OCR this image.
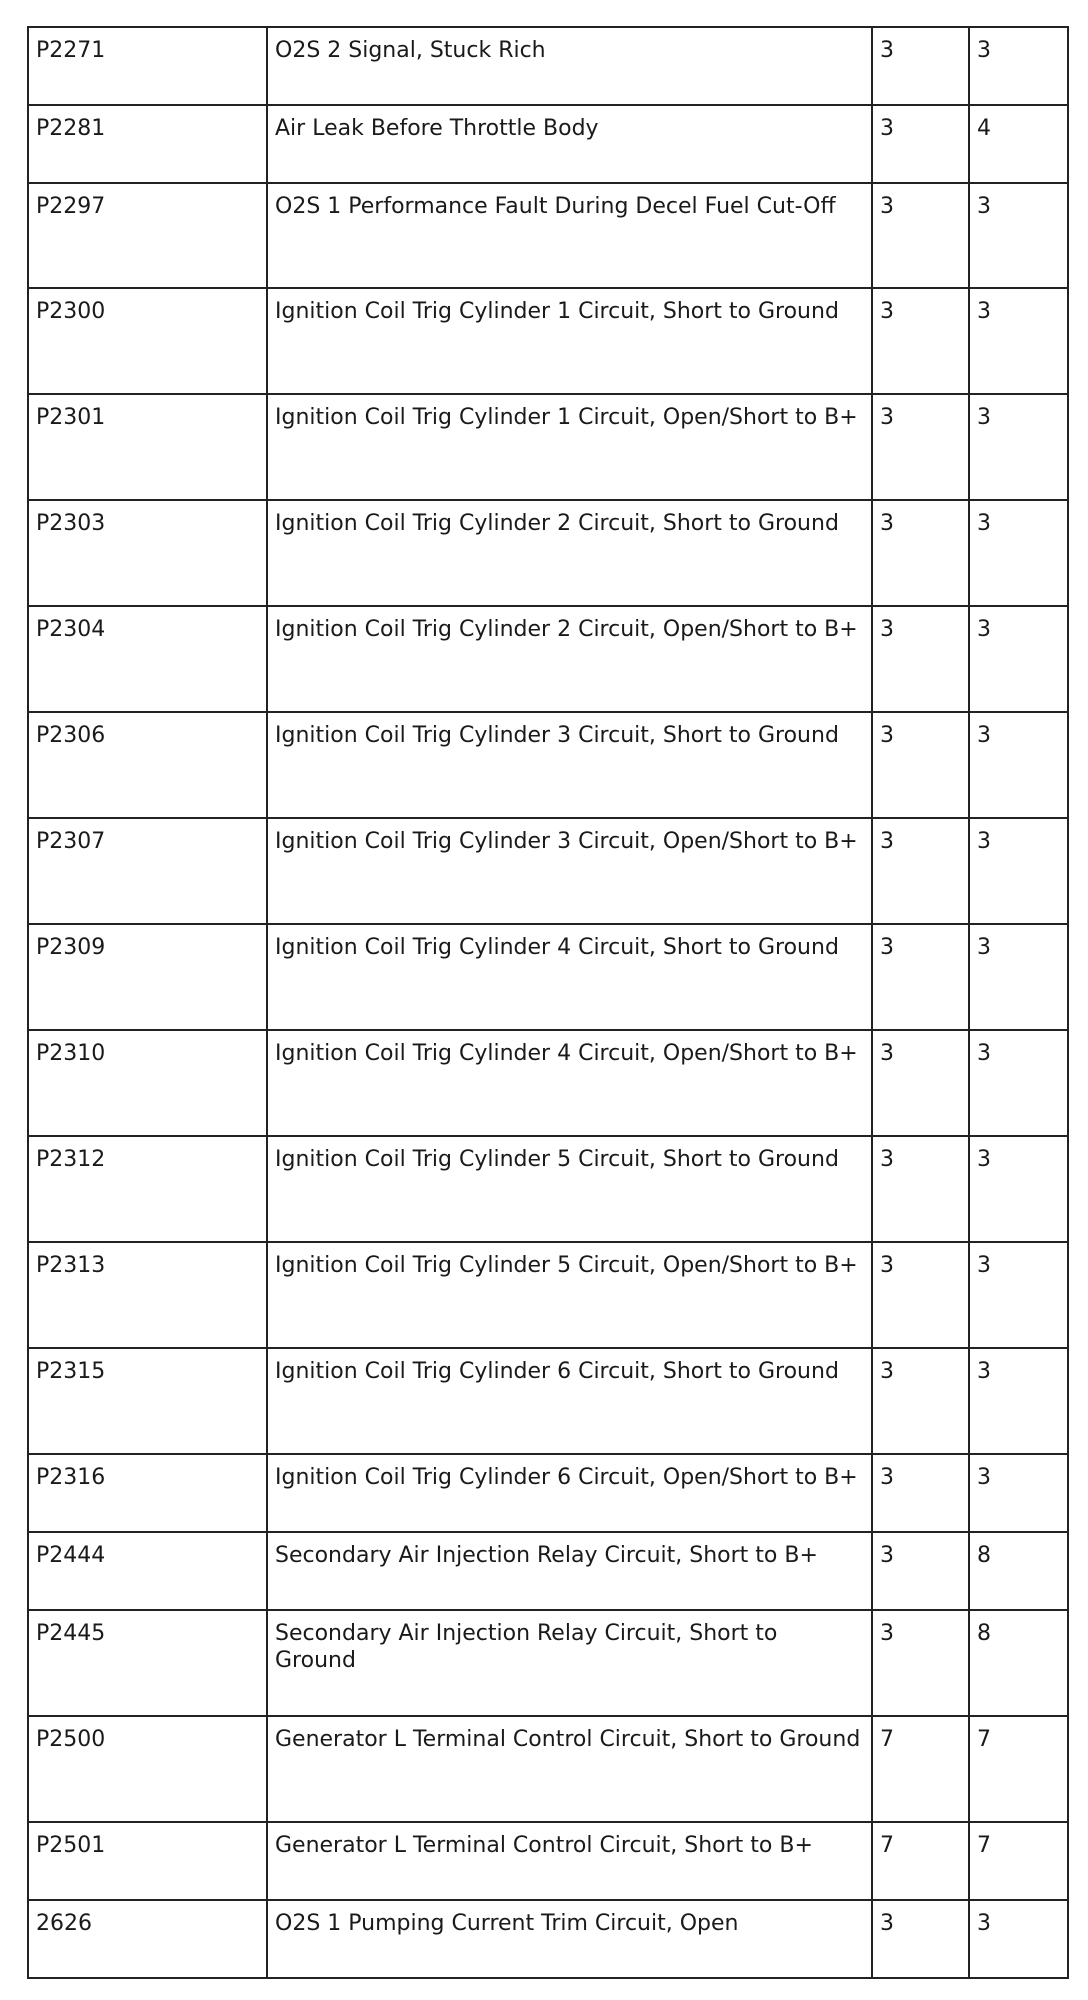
P2271	O2S 2 Signal, Stuck Rich	3	3
P2281	Air Leak Before Throttle Body	3	4
P2297	O2S 1 Performance Fault During Decel Fuel Cut-Off	3	3
P2300	Ignition Coil Trig Cylinder 1 Circuit, Short to Ground	3	3
P2301	Ignition Coil Trig Cylinder 1 Circuit, Open/Short to B+	3	3
P2303	Ignition Coil Trig Cylinder 2 Circuit, Short to Ground	3	3
P2304	Ignition Coil Trig Cylinder 2 Circuit, Open/Short to B+	3	3
P2306	Ignition Coil Trig Cylinder 3 Circuit, Short to Ground	3	3
P2307	Ignition Coil Trig Cylinder 3 Circuit, Open/Short to B+	3	3
P2309	Ignition Coil Trig Cylinder 4 Circuit, Short to Ground	3	3
P2310	Ignition Coil Trig Cylinder 4 Circuit, Open/Short to B+	3	3
P2312	Ignition Coil Trig Cylinder 5 Circuit, Short to Ground	3	3
P2313	Ignition Coil Trig Cylinder 5 Circuit, Open/Short to B+	3	3
P2315	Ignition Coil Trig Cylinder 6 Circuit, Short to Ground	3	3
P2316	Ignition Coil Trig Cylinder 6 Circuit, Open/Short to B+	3	3
P2444	Secondary Air Injection Relay Circuit, Short to B+	3	8
P2445	Secondary Air Injection Relay Circuit, Short to Ground	3	8
P2500	Generator L Terminal Control Circuit, Short to Ground	7	7
P2501	Generator L Terminal Control Circuit, Short to B+	7	7
2626	O2S 1 Pumping Current Trim Circuit, Open	3	3
